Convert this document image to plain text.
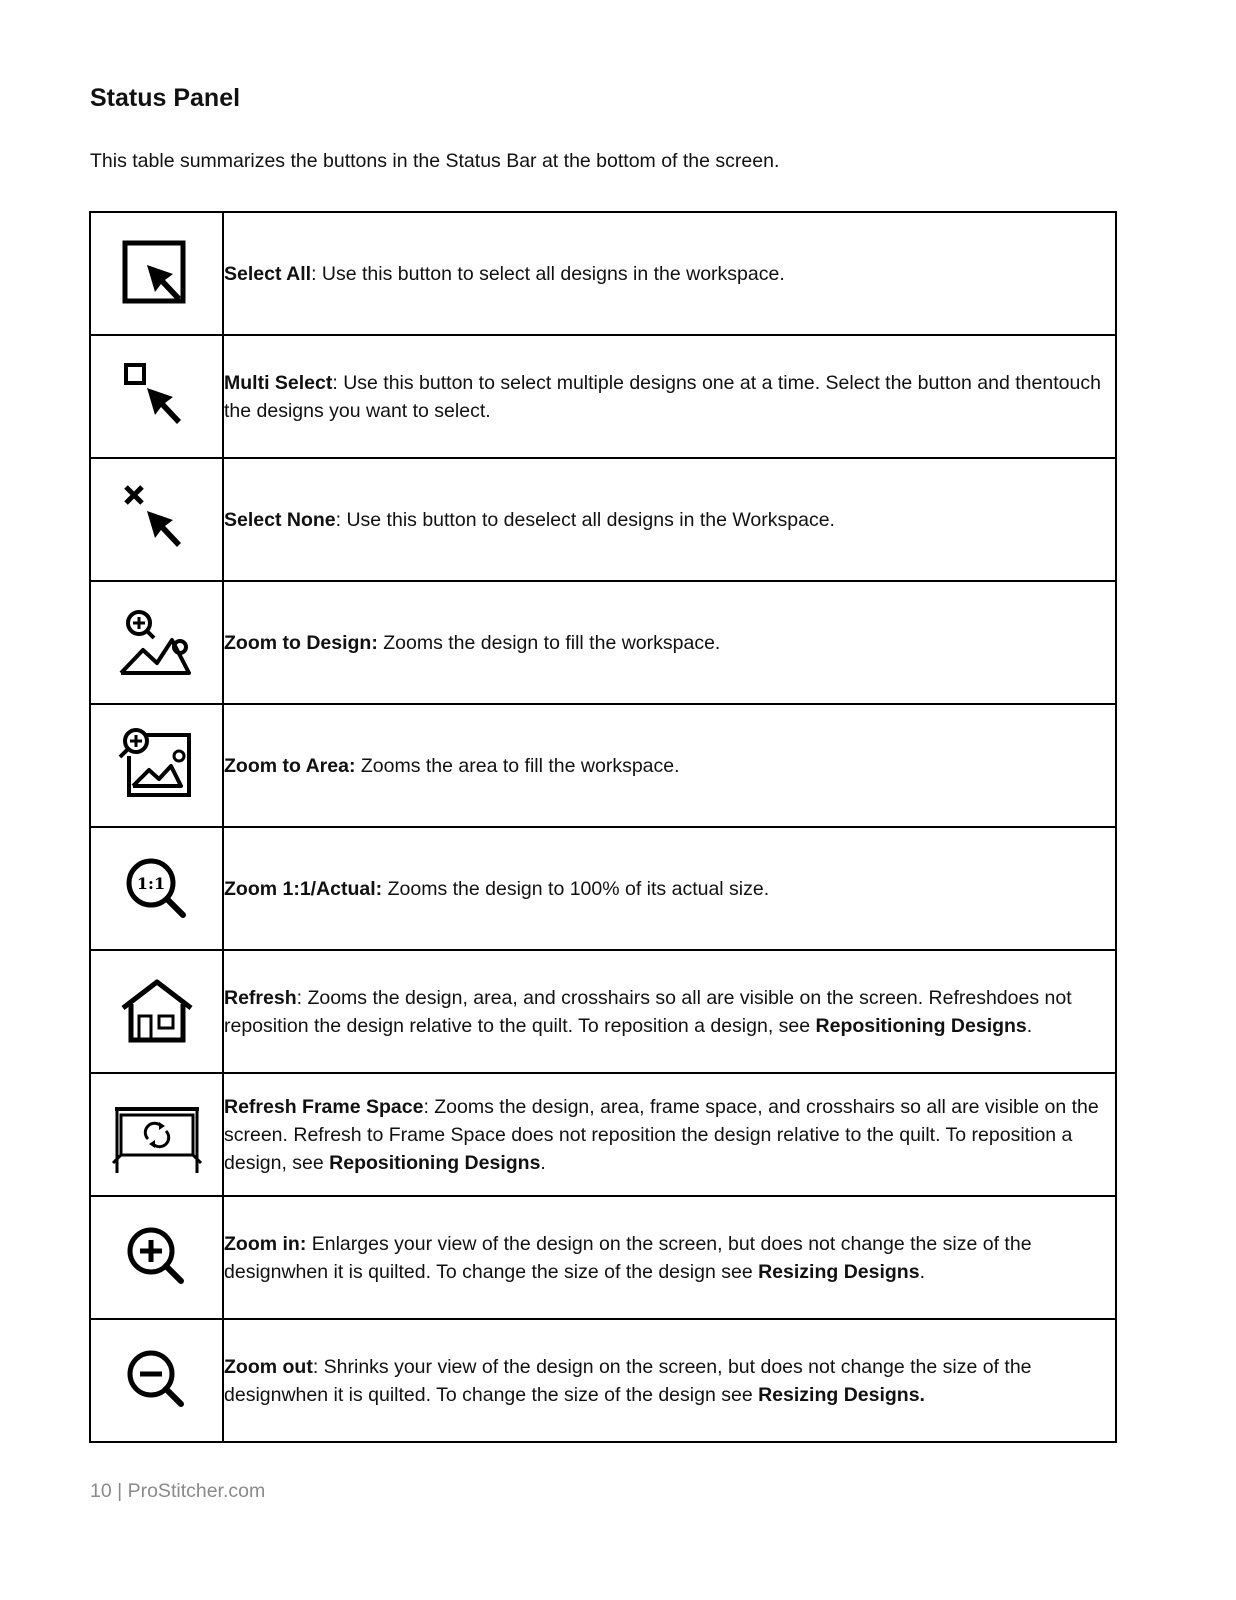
Status Panel

This table summarizes the buttons in the Status Bar at the bottom of the screen.

	Select All: Use this button to select all designs in the workspace.

	Multi Select: Use this button to select multiple designs one at a time. Select the button and thentouch the designs you want to select.

	Select None: Use this button to deselect all designs in the Workspace.

	Zoom to Design: Zooms the design to fill the workspace.

	Zoom to Area: Zooms the area to fill the workspace.

1:1	Zoom 1:1/Actual: Zooms the design to 100% of its actual size.

	Refresh: Zooms the design, area, and crosshairs so all are visible on the screen. Refreshdoes not reposition the design relative to the quilt. To reposition a design, see Repositioning Designs.

	Refresh Frame Space: Zooms the design, area, frame space, and crosshairs so all are visible on the screen. Refresh to Frame Space does not reposition the design relative to the quilt. To reposition a design, see Repositioning Designs.

	Zoom in: Enlarges your view of the design on the screen, but does not change the size of the designwhen it is quilted. To change the size of the design see Resizing Designs.

	Zoom out: Shrinks your view of the design on the screen, but does not change the size of the designwhen it is quilted. To change the size of the design see Resizing Designs.

10 | ProStitcher.com
